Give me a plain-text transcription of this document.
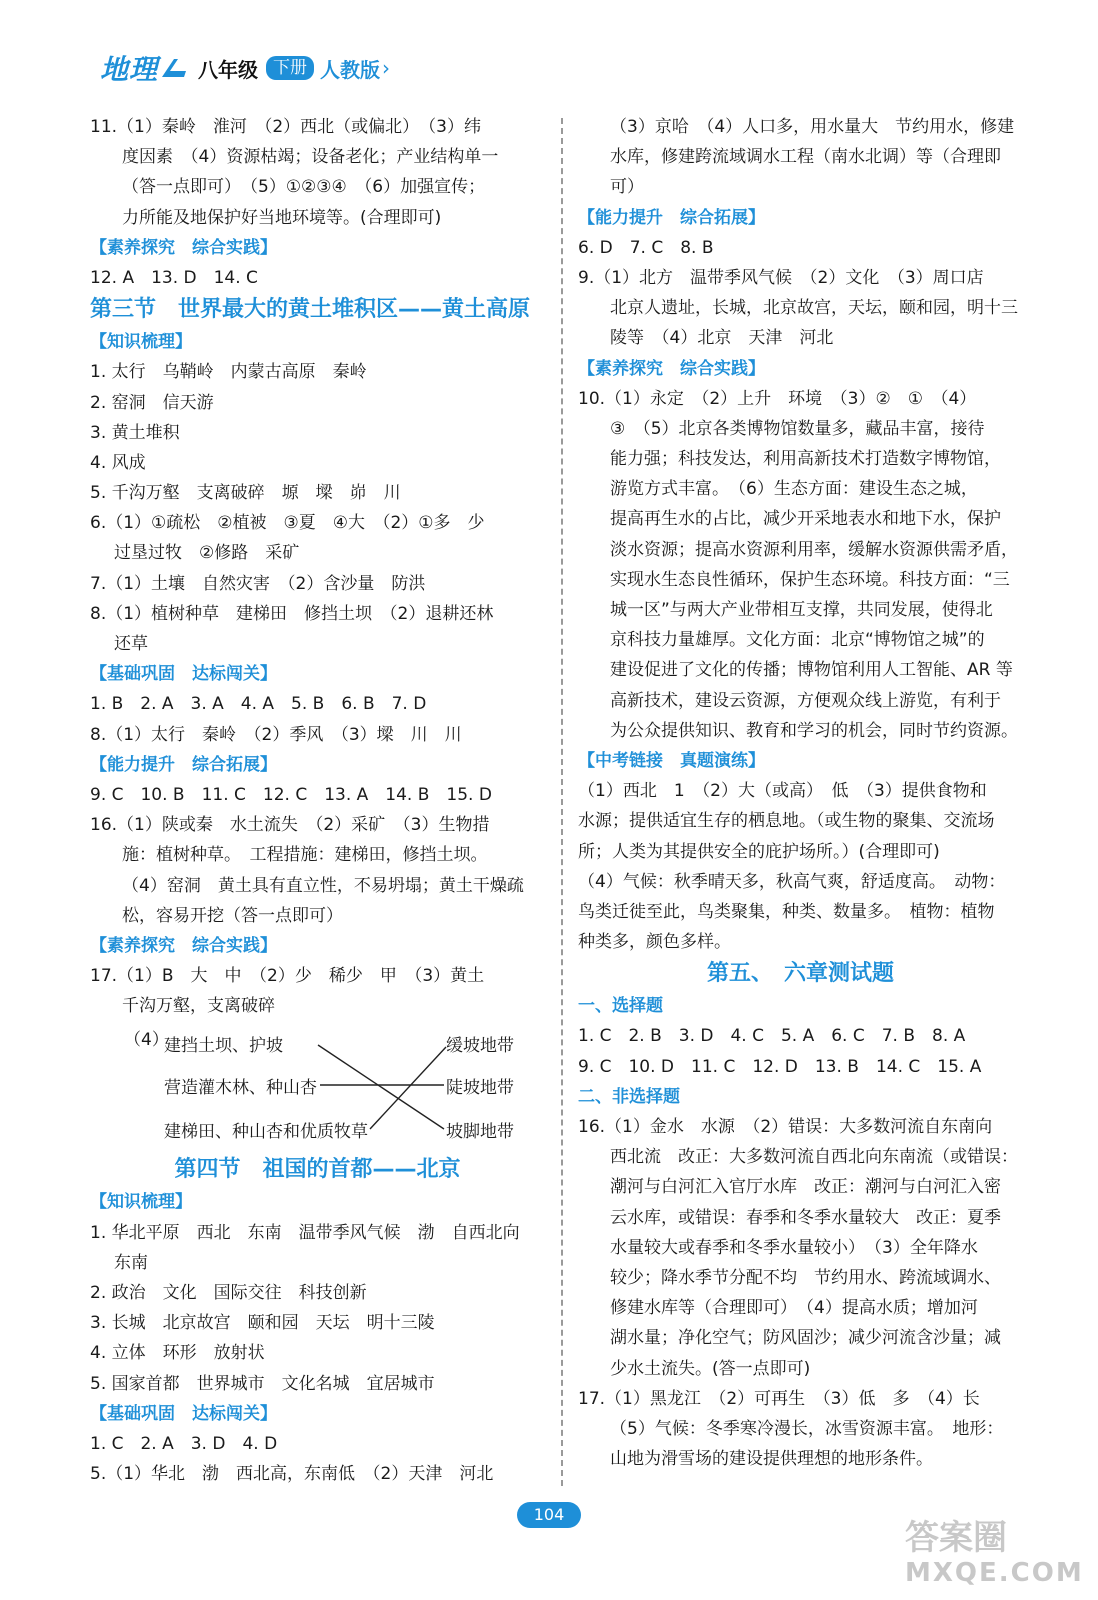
地理 八年级 下册 人教版 ›
11.（1）秦岭　淮河　（2）西北（或偏北）　（3）纬
度因素　（4）资源枯竭；设备老化；产业结构单一
（答一点即可）　（5）①②③④　（6）加强宣传；
力所能及地保护好当地环境等。(合理即可)
【素养探究　综合实践】
12. A　13. D　14. C
第三节　世界最大的黄土堆积区——黄土高原
【知识梳理】
1. 太行　乌鞘岭　内蒙古高原　秦岭
2. 窑洞　信天游
3. 黄土堆积
4. 风成
5. 千沟万壑　支离破碎　塬　墚　峁　川
6.（1）①疏松　②植被　③夏　④大　（2）①多　少
过垦过牧　②修路　采矿
7.（1）土壤　自然灾害　（2）含沙量　防洪
8.（1）植树种草　建梯田　修挡土坝　（2）退耕还林
还草
【基础巩固　达标闯关】
1. B　2. A　3. A　4. A　5. B　6. B　7. D
8.（1）太行　秦岭　（2）季风　（3）墚　川　川
【能力提升　综合拓展】
9. C　10. B　11. C　12. C　13. A　14. B　15. D
16.（1）陕或秦　水土流失　（2）采矿　（3）生物措
施：植树种草。　工程措施：建梯田，修挡土坝。
（4）窑洞　黄土具有直立性，不易坍塌；黄土干燥疏
松，容易开挖（答一点即可）
【素养探究　综合实践】
17.（1）B　大　中　（2）少　稀少　甲　（3）黄土
千沟万壑，支离破碎
（4）
建挡土坝、护坡
营造灌木林、种山杏
建梯田、种山杏和优质牧草
缓坡地带
陡坡地带
坡脚地带
第四节　祖国的首都——北京
【知识梳理】
1. 华北平原　西北　东南　温带季风气候　渤　自西北向
东南
2. 政治　文化　国际交往　科技创新
3. 长城　北京故宫　颐和园　天坛　明十三陵
4. 立体　环形　放射状
5. 国家首都　世界城市　文化名城　宜居城市
【基础巩固　达标闯关】
1. C　2. A　3. D　4. D
5.（1）华北　渤　西北高，东南低　（2）天津　河北
（3）京哈　（4）人口多，用水量大　节约用水，修建
水库，修建跨流域调水工程（南水北调）等（合理即
可）
【能力提升　综合拓展】
6. D　7. C　8. B
9.（1）北方　温带季风气候　（2）文化　（3）周口店
北京人遗址，长城，北京故宫，天坛，颐和园，明十三
陵等　（4）北京　天津　河北
【素养探究　综合实践】
10.（1）永定　（2）上升　环境　（3）②　①　（4）
③　（5）北京各类博物馆数量多，藏品丰富，接待
能力强；科技发达，利用高新技术打造数字博物馆，
游览方式丰富。　（6）生态方面：建设生态之城，
提高再生水的占比，减少开采地表水和地下水，保护
淡水资源；提高水资源利用率，缓解水资源供需矛盾，
实现水生态良性循环，保护生态环境。科技方面：“三
城一区”与两大产业带相互支撑，共同发展，使得北
京科技力量雄厚。文化方面：北京“博物馆之城”的
建设促进了文化的传播；博物馆利用人工智能、AR 等
高新技术，建设云资源，方便观众线上游览，有利于
为公众提供知识、教育和学习的机会，同时节约资源。
【中考链接　真题演练】
（1）西北　1　（2）大（或高）　低　（3）提供食物和
水源；提供适宜生存的栖息地。（或生物的聚集、交流场
所；人类为其提供安全的庇护场所。）(合理即可)
（4）气候：秋季晴天多，秋高气爽，舒适度高。　动物：
鸟类迁徙至此，鸟类聚集，种类、数量多。　植物：植物
种类多，颜色多样。
第五、　六章测试题
一、选择题
1. C　2. B　3. D　4. C　5. A　6. C　7. B　8. A
9. C　10. D　11. C　12. D　13. B　14. C　15. A
二、非选择题
16.（1）金水　水源　（2）错误：大多数河流自东南向
西北流　改正：大多数河流自西北向东南流（或错误：
潮河与白河汇入官厅水库　改正：潮河与白河汇入密
云水库，或错误：春季和冬季水量较大　改正：夏季
水量较大或春季和冬季水量较小）　（3）全年降水
较少；降水季节分配不均　节约用水、跨流域调水、
修建水库等（合理即可）　（4）提高水质；增加河
湖水量；净化空气；防风固沙；减少河流含沙量；减
少水土流失。(答一点即可)
17.（1）黑龙江　（2）可再生　（3）低　多　（4）长
（5）气候：冬季寒冷漫长，冰雪资源丰富。　地形：
山地为滑雪场的建设提供理想的地形条件。
104
答案圈
MXQE.COM
